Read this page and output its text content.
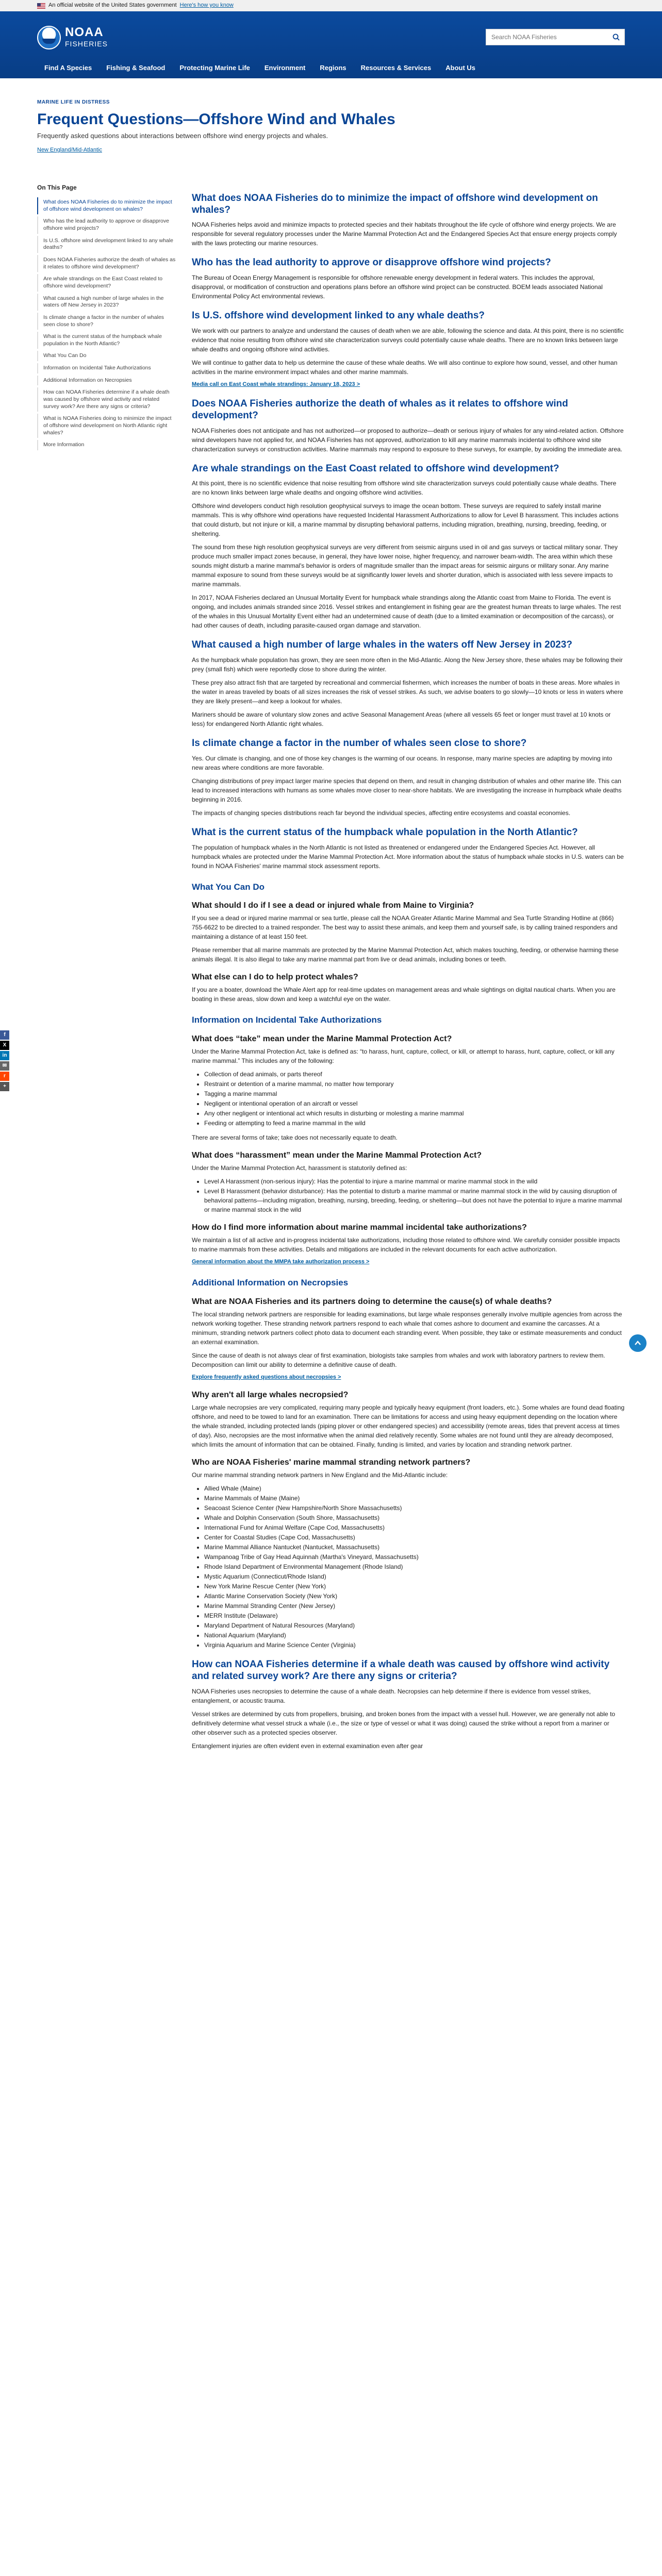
An official website of the United States government Here's how you know
NOAA
FISHERIES
Search NOAA Fisheries
Find A Species	Fishing & Seafood	Protecting Marine Life	Environment	Regions	Resources & Services	About Us
MARINE LIFE IN DISTRESS
Frequent Questions—Offshore Wind and Whales

Frequently asked questions about interactions between offshore wind energy projects and whales.

New England/Mid-Atlantic
On This Page
What does NOAA Fisheries do to minimize the impact of offshore wind development on whales?
Who has the lead authority to approve or disapprove offshore wind projects?
Is U.S. offshore wind development linked to any whale deaths?
Does NOAA Fisheries authorize the death of whales as it relates to offshore wind development?
Are whale strandings on the East Coast related to offshore wind development?
What caused a high number of large whales in the waters off New Jersey in 2023?
Is climate change a factor in the number of whales seen close to shore?
What is the current status of the humpback whale population in the North Atlantic?
What You Can Do
Information on Incidental Take Authorizations
Additional Information on Necropsies
How can NOAA Fisheries determine if a whale death was caused by offshore wind activity and related survey work? Are there any signs or criteria?
What is NOAA Fisheries doing to minimize the impact of offshore wind development on North Atlantic right whales?
More Information
What does NOAA Fisheries do to minimize the impact of offshore wind development on whales?

NOAA Fisheries helps avoid and minimize impacts to protected species and their habitats throughout the life cycle of offshore wind energy projects. We are responsible for several regulatory processes under the Marine Mammal Protection Act and the Endangered Species Act that ensure energy projects comply with the laws protecting our marine resources.

Who has the lead authority to approve or disapprove offshore wind projects?

The Bureau of Ocean Energy Management is responsible for offshore renewable energy development in federal waters. This includes the approval, disapproval, or modification of construction and operations plans before an offshore wind project can be constructed. BOEM leads associated National Environmental Policy Act environmental reviews.

Is U.S. offshore wind development linked to any whale deaths?

We work with our partners to analyze and understand the causes of death when we are able, following the science and data. At this point, there is no scientific evidence that noise resulting from offshore wind site characterization surveys could potentially cause whale deaths. There are no known links between large whale deaths and ongoing offshore wind activities.

We will continue to gather data to help us determine the cause of these whale deaths. We will also continue to explore how sound, vessel, and other human activities in the marine environment impact whales and other marine mammals.

Media call on East Coast whale strandings: January 18, 2023 >
Does NOAA Fisheries authorize the death of whales as it relates to offshore wind development?

NOAA Fisheries does not anticipate and has not authorized—or proposed to authorize—death or serious injury of whales for any wind-related action. Offshore wind developers have not applied for, and NOAA Fisheries has not approved, authorization to kill any marine mammals incidental to offshore wind site characterization surveys or construction activities. Marine mammals may respond to exposure to these surveys, for example, by avoiding the immediate area.

Are whale strandings on the East Coast related to offshore wind development?

At this point, there is no scientific evidence that noise resulting from offshore wind site characterization surveys could potentially cause whale deaths. There are no known links between large whale deaths and ongoing offshore wind activities.

Offshore wind developers conduct high resolution geophysical surveys to image the ocean bottom. These surveys are required to safely install marine mammals. This is why offshore wind operations have requested Incidental Harassment Authorizations to allow for Level B harassment. This includes actions that could disturb, but not injure or kill, a marine mammal by disrupting behavioral patterns, including migration, breathing, nursing, breeding, feeding, or sheltering.

The sound from these high resolution geophysical surveys are very different from seismic airguns used in oil and gas surveys or tactical military sonar. They produce much smaller impact zones because, in general, they have lower noise, higher frequency, and narrower beam-width. The area within which these sounds might disturb a marine mammal's behavior is orders of magnitude smaller than the impact areas for seismic airguns or military sonar. Any marine mammal exposure to sound from these surveys would be at significantly lower levels and shorter duration, which is associated with less severe impacts to marine mammals.

In 2017, NOAA Fisheries declared an Unusual Mortality Event for humpback whale strandings along the Atlantic coast from Maine to Florida. The event is ongoing, and includes animals stranded since 2016. Vessel strikes and entanglement in fishing gear are the greatest human threats to large whales. The rest of the whales in this Unusual Mortality Event either had an undetermined cause of death (due to a limited examination or decomposition of the carcass), or had other causes of death, including parasite-caused organ damage and starvation.

What caused a high number of large whales in the waters off New Jersey in 2023?

As the humpback whale population has grown, they are seen more often in the Mid-Atlantic. Along the New Jersey shore, these whales may be following their prey (small fish) which were reportedly close to shore during the winter.

These prey also attract fish that are targeted by recreational and commercial fishermen, which increases the number of boats in these areas. More whales in the water in areas traveled by boats of all sizes increases the risk of vessel strikes. As such, we advise boaters to go slowly—10 knots or less in waters where they are likely present—and keep a lookout for whales.

Mariners should be aware of voluntary slow zones and active Seasonal Management Areas (where all vessels 65 feet or longer must travel at 10 knots or less) for endangered North Atlantic right whales.

Is climate change a factor in the number of whales seen close to shore?

Yes. Our climate is changing, and one of those key changes is the warming of our oceans. In response, many marine species are adapting by moving into new areas where conditions are more favorable.

Changing distributions of prey impact larger marine species that depend on them, and result in changing distribution of whales and other marine life. This can lead to increased interactions with humans as some whales move closer to near-shore habitats. We are investigating the increase in humpback whale deaths beginning in 2016.

The impacts of changing species distributions reach far beyond the individual species, affecting entire ecosystems and coastal economies.

What is the current status of the humpback whale population in the North Atlantic?

The population of humpback whales in the North Atlantic is not listed as threatened or endangered under the Endangered Species Act. However, all humpback whales are protected under the Marine Mammal Protection Act. More information about the status of humpback whale stocks in U.S. waters can be found in NOAA Fisheries' marine mammal stock assessment reports.

What You Can Do
What should I do if I see a dead or injured whale from Maine to Virginia?

If you see a dead or injured marine mammal or sea turtle, please call the NOAA Greater Atlantic Marine Mammal and Sea Turtle Stranding Hotline at (866) 755-6622 to be directed to a trained responder. The best way to assist these animals, and keep them and yourself safe, is by calling trained responders and maintaining a distance of at least 150 feet.

Please remember that all marine mammals are protected by the Marine Mammal Protection Act, which makes touching, feeding, or otherwise harming these animals illegal. It is also illegal to take any marine mammal part from live or dead animals, including bones or teeth.

What else can I do to help protect whales?

If you are a boater, download the Whale Alert app for real-time updates on management areas and whale sightings on digital nautical charts. When you are boating in these areas, slow down and keep a watchful eye on the water.

Information on Incidental Take Authorizations
What does “take” mean under the Marine Mammal Protection Act?

Under the Marine Mammal Protection Act, take is defined as: “to harass, hunt, capture, collect, or kill, or attempt to harass, hunt, capture, collect, or kill any marine mammal.” This includes any of the following:

• Collection of dead animals, or parts thereof
• Restraint or detention of a marine mammal, no matter how temporary
• Tagging a marine mammal
• Negligent or intentional operation of an aircraft or vessel
• Any other negligent or intentional act which results in disturbing or molesting a marine mammal
• Feeding or attempting to feed a marine mammal in the wild

There are several forms of take; take does not necessarily equate to death.

What does “harassment” mean under the Marine Mammal Protection Act?

Under the Marine Mammal Protection Act, harassment is statutorily defined as:

• Level A Harassment (non-serious injury): Has the potential to injure a marine mammal or marine mammal stock in the wild
• Level B Harassment (behavior disturbance): Has the potential to disturb a marine mammal or marine mammal stock in the wild by causing disruption of behavioral patterns—including migration, breathing, nursing, breeding, feeding, or sheltering—but does not have the potential to injure a marine mammal or marine mammal stock in the wild
How do I find more information about marine mammal incidental take authorizations?

We maintain a list of all active and in-progress incidental take authorizations, including those related to offshore wind. We carefully consider possible impacts to marine mammals from these activities. Details and mitigations are included in the relevant documents for each active authorization.

General information about the MMPA take authorization process >
Additional Information on Necropsies
What are NOAA Fisheries and its partners doing to determine the cause(s) of whale deaths?

The local stranding network partners are responsible for leading examinations, but large whale responses generally involve multiple agencies from across the network working together. These stranding network partners respond to each whale that comes ashore to document and examine the carcasses. At a minimum, stranding network partners collect photo data to document each stranding event. When possible, they take or estimate measurements and conduct an external examination.

Since the cause of death is not always clear of first examination, biologists take samples from whales and work with laboratory partners to review them. Decomposition can limit our ability to determine a definitive cause of death.

Explore frequently asked questions about necropsies >
Why aren't all large whales necropsied?

Large whale necropsies are very complicated, requiring many people and typically heavy equipment (front loaders, etc.). Some whales are found dead floating offshore, and need to be towed to land for an examination. There can be limitations for access and using heavy equipment depending on the location where the whale stranded, including protected lands (piping plover or other endangered species) and accessibility (remote areas, tides that prevent access at times of day). Also, necropsies are the most informative when the animal died relatively recently. Some whales are not found until they are already decomposed, which limits the amount of information that can be obtained. Finally, funding is limited, and varies by location and stranding network partner.

Who are NOAA Fisheries' marine mammal stranding network partners?

Our marine mammal stranding network partners in New England and the Mid-Atlantic include:

• Allied Whale (Maine)
• Marine Mammals of Maine (Maine)
• Seacoast Science Center (New Hampshire/North Shore Massachusetts)
• Whale and Dolphin Conservation (South Shore, Massachusetts)
• International Fund for Animal Welfare (Cape Cod, Massachusetts)
• Center for Coastal Studies (Cape Cod, Massachusetts)
• Marine Mammal Alliance Nantucket (Nantucket, Massachusetts)
• Wampanoag Tribe of Gay Head Aquinnah (Martha's Vineyard, Massachusetts)
• Rhode Island Department of Environmental Management (Rhode Island)
• Mystic Aquarium (Connecticut/Rhode Island)
• New York Marine Rescue Center (New York)
• Atlantic Marine Conservation Society (New York)
• Marine Mammal Stranding Center (New Jersey)
• MERR Institute (Delaware)
• Maryland Department of Natural Resources (Maryland)
• National Aquarium (Maryland)
• Virginia Aquarium and Marine Science Center (Virginia)
How can NOAA Fisheries determine if a whale death was caused by offshore wind activity and related survey work? Are there any signs or criteria?

NOAA Fisheries uses necropsies to determine the cause of a whale death. Necropsies can help determine if there is evidence from vessel strikes, entanglement, or acoustic trauma.

Vessel strikes are determined by cuts from propellers, bruising, and broken bones from the impact with a vessel hull. However, we are generally not able to definitively determine what vessel struck a whale (i.e., the size or type of vessel or what it was doing) caused the strike without a report from a mariner or other observer such as a protected species observer.

Entanglement injuries are often evident even in external examination even after gear

f
X
in
✉
r
+
